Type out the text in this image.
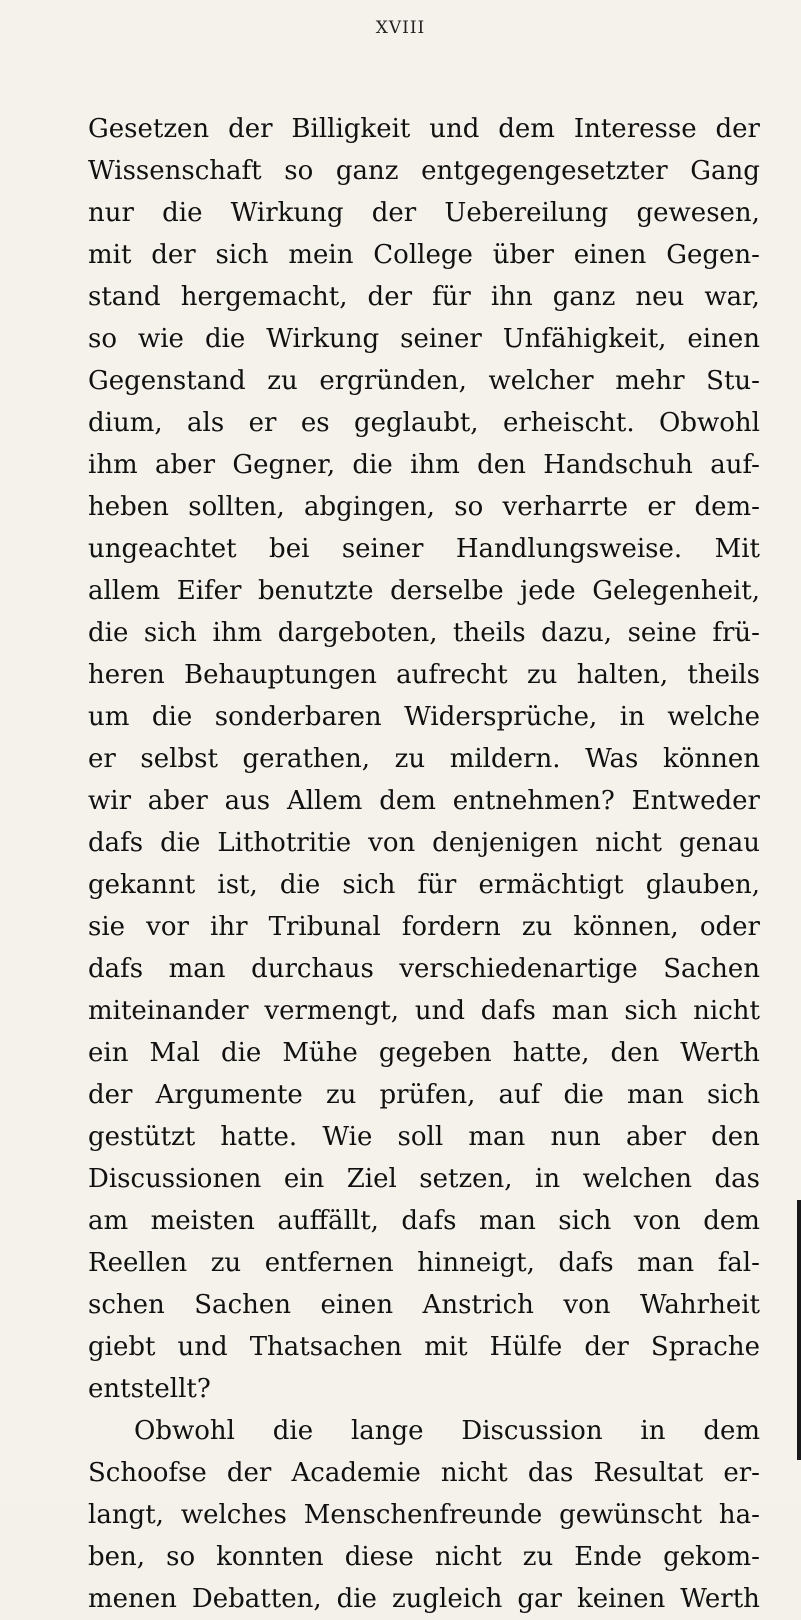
XVIII
Gesetzen der Billigkeit und dem Interesse der
Wissenschaft so ganz entgegengesetzter Gang
nur die Wirkung der Uebereilung gewesen,
mit der sich mein College über einen Gegen-
stand hergemacht, der für ihn ganz neu war,
so wie die Wirkung seiner Unfähigkeit, einen
Gegenstand zu ergründen, welcher mehr Stu-
dium, als er es geglaubt, erheischt. Obwohl
ihm aber Gegner, die ihm den Handschuh auf-
heben sollten, abgingen, so verharrte er dem-
ungeachtet bei seiner Handlungsweise. Mit
allem Eifer benutzte derselbe jede Gelegenheit,
die sich ihm dargeboten, theils dazu, seine frü-
heren Behauptungen aufrecht zu halten, theils
um die sonderbaren Widersprüche, in welche
er selbst gerathen, zu mildern. Was können
wir aber aus Allem dem entnehmen? Entweder
dafs die Lithotritie von denjenigen nicht genau
gekannt ist, die sich für ermächtigt glauben,
sie vor ihr Tribunal fordern zu können, oder
dafs man durchaus verschiedenartige Sachen
miteinander vermengt, und dafs man sich nicht
ein Mal die Mühe gegeben hatte, den Werth
der Argumente zu prüfen, auf die man sich
gestützt hatte. Wie soll man nun aber den
Discussionen ein Ziel setzen, in welchen das
am meisten auffällt, dafs man sich von dem
Reellen zu entfernen hinneigt, dafs man fal-
schen Sachen einen Anstrich von Wahrheit
giebt und Thatsachen mit Hülfe der Sprache
entstellt?
Obwohl die lange Discussion in dem
Schoofse der Academie nicht das Resultat er-
langt, welches Menschenfreunde gewünscht ha-
ben, so konnten diese nicht zu Ende gekom-
menen Debatten, die zugleich gar keinen Werth
